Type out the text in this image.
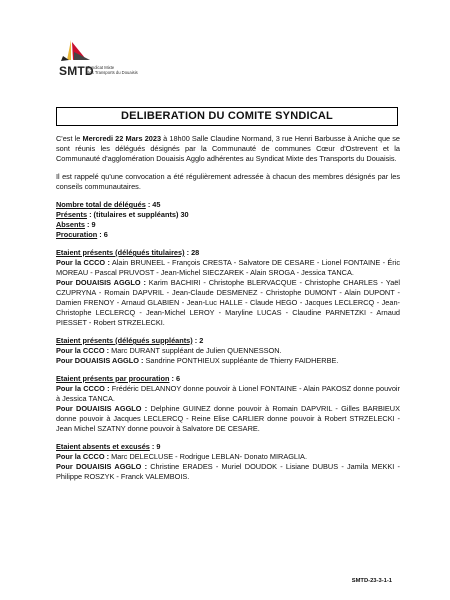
SMTD
Syndicat Mixte
des Transports du Douaisis
DELIBERATION DU COMITE SYNDICAL

C'est le Mercredi 22 Mars 2023 à 18h00 Salle Claudine Normand, 3 rue Henri Barbusse à Aniche que se sont réunis les délégués désignés par la Communauté de communes Cœur d'Ostrevent et la Communauté d'agglomération Douaisis Agglo adhérentes au Syndicat Mixte des Transports du Douaisis.

Il est rappelé qu'une convocation a été régulièrement adressée à chacun des membres désignés par les conseils communautaires.

Nombre total de délégués : 45

Présents : (titulaires et suppléants) 30

Absents : 9

Procuration : 6

Etaient présents (délégués titulaires) : 28

Pour la CCCO : Alain BRUNEEL - François CRESTA - Salvatore DE CESARE - Lionel FONTAINE - Éric MOREAU - Pascal PRUVOST - Jean-Michel SIECZAREK - Alain SROGA - Jessica TANCA.

Pour DOUAISIS AGGLO : Karim BACHIRI - Christophe BLERVACQUE - Christophe CHARLES - Yaël CZUPRYNA - Romain DAPVRIL - Jean-Claude DESMENEZ - Christophe DUMONT - Alain DUPONT - Damien FRENOY - Arnaud GLABIEN - Jean-Luc HALLE - Claude HEGO - Jacques LECLERCQ - Jean-Christophe LECLERCQ - Jean-Michel LEROY - Maryline LUCAS - Claudine PARNETZKI - Arnaud PIESSET - Robert STRZELECKI.

Etaient présents (délégués suppléants) : 2

Pour la CCCO : Marc DURANT suppléant de Julien QUENNESSON.

Pour DOUAISIS AGGLO : Sandrine PONTHIEUX suppléante de Thierry FAIDHERBE.

Etaient présents par procuration : 6

Pour la CCCO : Frédéric DELANNOY donne pouvoir à Lionel FONTAINE - Alain PAKOSZ donne pouvoir à Jessica TANCA.

Pour DOUAISIS AGGLO : Delphine GUINEZ donne pouvoir à Romain DAPVRIL - Gilles BARBIEUX donne pouvoir à Jacques LECLERCQ - Reine Elise CARLIER donne pouvoir à Robert STRZELECKI - Jean Michel SZATNY donne pouvoir à Salvatore DE CESARE.

Etaient absents et excusés : 9

Pour la CCCO : Marc DELECLUSE - Rodrigue LEBLAN- Donato MIRAGLIA.

Pour DOUAISIS AGGLO : Christine ERADES - Muriel DOUDOK - Lisiane DUBUS - Jamila MEKKI - Philippe ROSZYK - Franck VALEMBOIS.

SMTD-23-3-1-1
